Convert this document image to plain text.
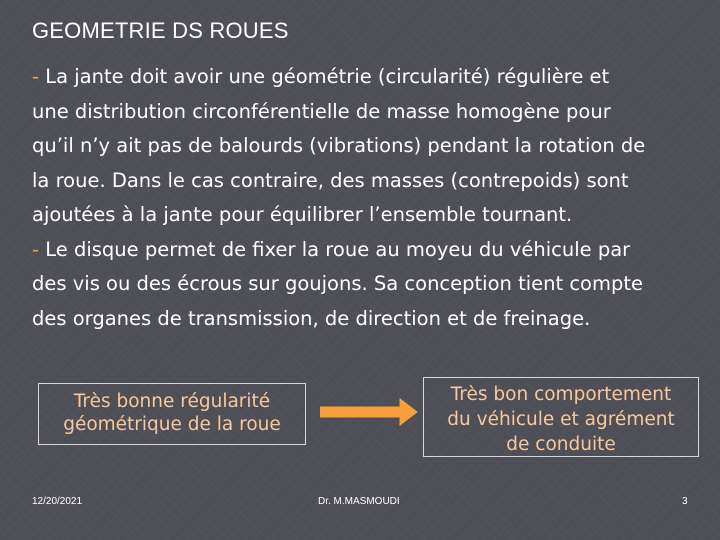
GEOMETRIE DS ROUES

- La jante doit avoir une géométrie (circularité) régulière et
une distribution circonférentielle de masse homogène pour
qu’il n’y ait pas de balourds (vibrations) pendant la rotation de
la roue. Dans le cas contraire, des masses (contrepoids) sont
ajoutées à la jante pour équilibrer l’ensemble tournant.

- Le disque permet de fixer la roue au moyeu du véhicule par
des vis ou des écrous sur goujons. Sa conception tient compte
des organes de transmission, de direction et de freinage.

Très bonne régularité
géométrique de la roue
Très bon comportement
du véhicule et agrément
de conduite
12/20/2021	Dr. M.MASMOUDI	3
